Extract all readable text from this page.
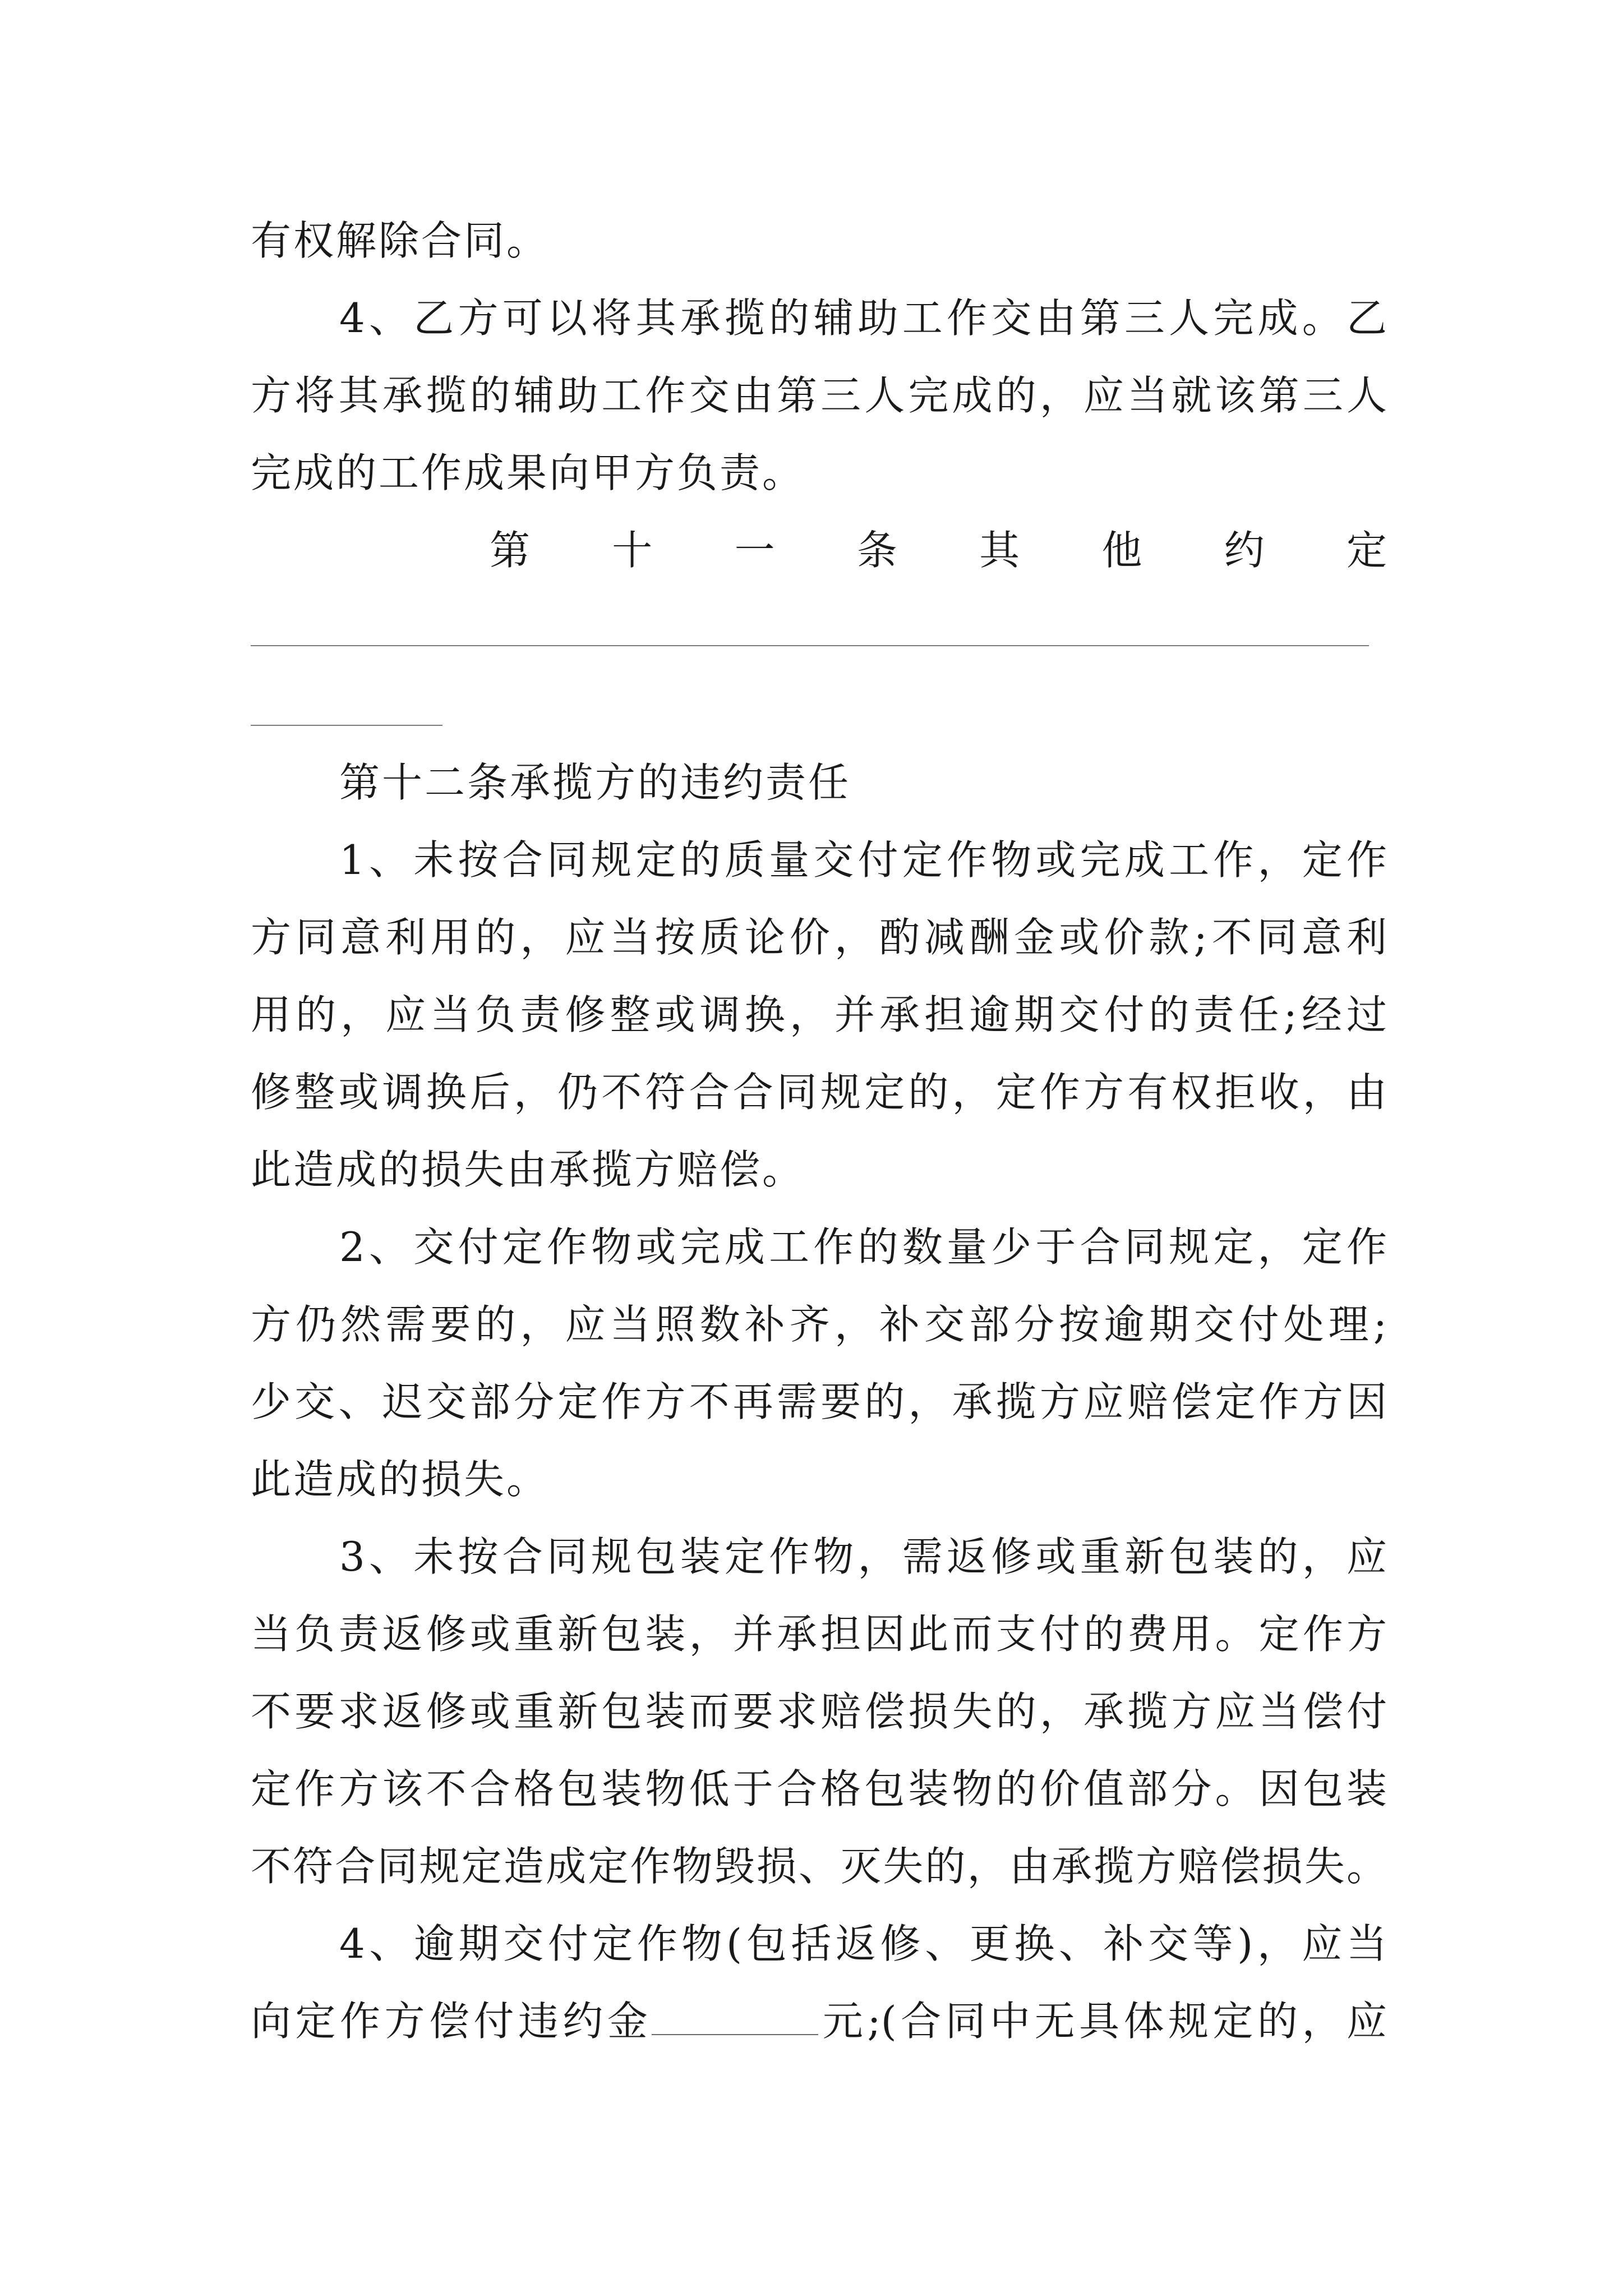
有权解除合同。
4、乙方可以将其承揽的辅助工作交由第三人完成。乙
方将其承揽的辅助工作交由第三人完成的，应当就该第三人
完成的工作成果向甲方负责。
第十一条其他约定
第十二条承揽方的违约责任
1、未按合同规定的质量交付定作物或完成工作，定作
方同意利用的，应当按质论价，酌减酬金或价款;不同意利
用的，应当负责修整或调换，并承担逾期交付的责任;经过
修整或调换后，仍不符合合同规定的，定作方有权拒收，由
此造成的损失由承揽方赔偿。
2、交付定作物或完成工作的数量少于合同规定，定作
方仍然需要的，应当照数补齐，补交部分按逾期交付处理;
少交、迟交部分定作方不再需要的，承揽方应赔偿定作方因
此造成的损失。
3、未按合同规包装定作物，需返修或重新包装的，应
当负责返修或重新包装，并承担因此而支付的费用。定作方
不要求返修或重新包装而要求赔偿损失的，承揽方应当偿付
定作方该不合格包装物低于合格包装物的价值部分。因包装
不符合同规定造成定作物毁损、灭失的，由承揽方赔偿损失。
4、逾期交付定作物(包括返修、更换、补交等)，应当
向定作方偿付违约金	元;(合同中无具体规定的，应
